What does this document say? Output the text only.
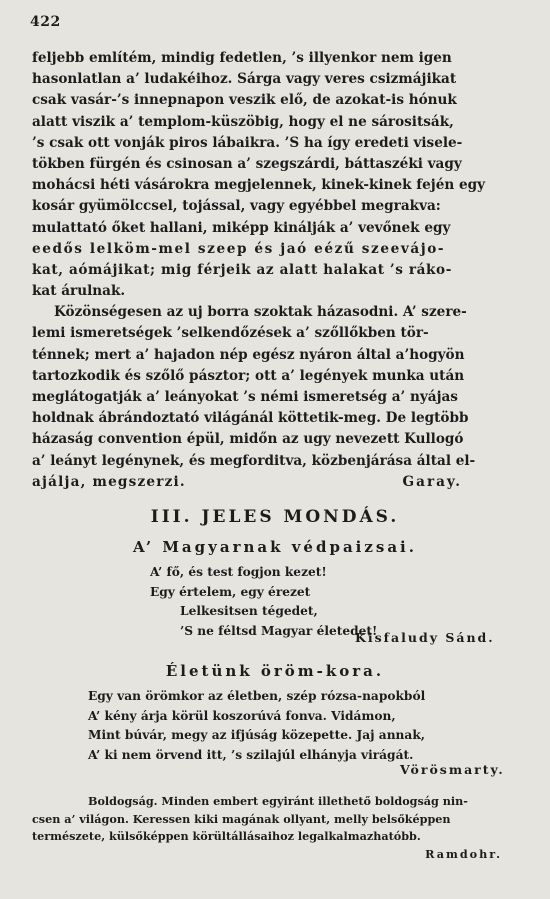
422
feljebb említém, mindig fedetlen, ’s illyenkor nem igen
hasonlatlan a’ ludakéihoz. Sárga vagy veres csizmájikat
csak vasár-’s innepnapon veszik elő, de azokat-is hónuk
alatt viszik a’ templom-küszöbig, hogy el ne sárositsák,
’s csak ott vonják piros lábaikra. ’S ha így eredeti visele-
tökben fürgén és csinosan a’ szegszárdi, báttaszéki vagy
mohácsi héti vásárokra megjelennek, kinek-kinek fején egy
kosár gyümölccsel, tojással, vagy egyébbel megrakva:
mulattató őket hallani, miképp kinálják a’ vevőnek egy
eedős lelköm-mel szeep és jaó eézű szeevájo-
kat, aómájikat; mig férjeik az alatt halakat ’s ráko-
kat árulnak.
Közönségesen az uj borra szoktak házasodni. A’ szere-
lemi ismeretségek ’selkendőzések a’ szőllőkben tör-
ténnek; mert a’ hajadon nép egész nyáron által a’hogyön
tartozkodik és szőlő pásztor; ott a’ legények munka után
meglátogatják a’ leányokat ’s némi ismeretség a’ nyájas
holdnak ábrándoztató világánál köttetik-meg. De legtöbb
házaság convention épül, midőn az ugy nevezett Kullogó
a’ leányt legénynek, és megforditva, közbenjárása által el-
ajálja, megszerzi.	Garay.
III. JELES MONDÁS.
A’ Magyarnak védpaizsai.
A’ fő, és test fogjon kezet!
Egy értelem, egy érezet
Lelkesitsen tégedet,
’S ne féltsd Magyar életedet!
Kisfaludy Sánd.
Életünk öröm-kora.
Egy van örömkor az életben, szép rózsa-napokból
A’ kény árja körül koszorúvá fonva. Vidámon,
Mint búvár, megy az ifjúság közepette. Jaj annak,
A’ ki nem örvend itt, ’s szilajúl elhányja virágát.
Vörösmarty.
Boldogság. Minden embert egyiránt illethető boldogság nin-
csen a’ világon. Keressen kiki magának ollyant, melly belsőképpen
természete, külsőképpen körültállásaihoz legalkalmazhatóbb.
Ramdohr.
